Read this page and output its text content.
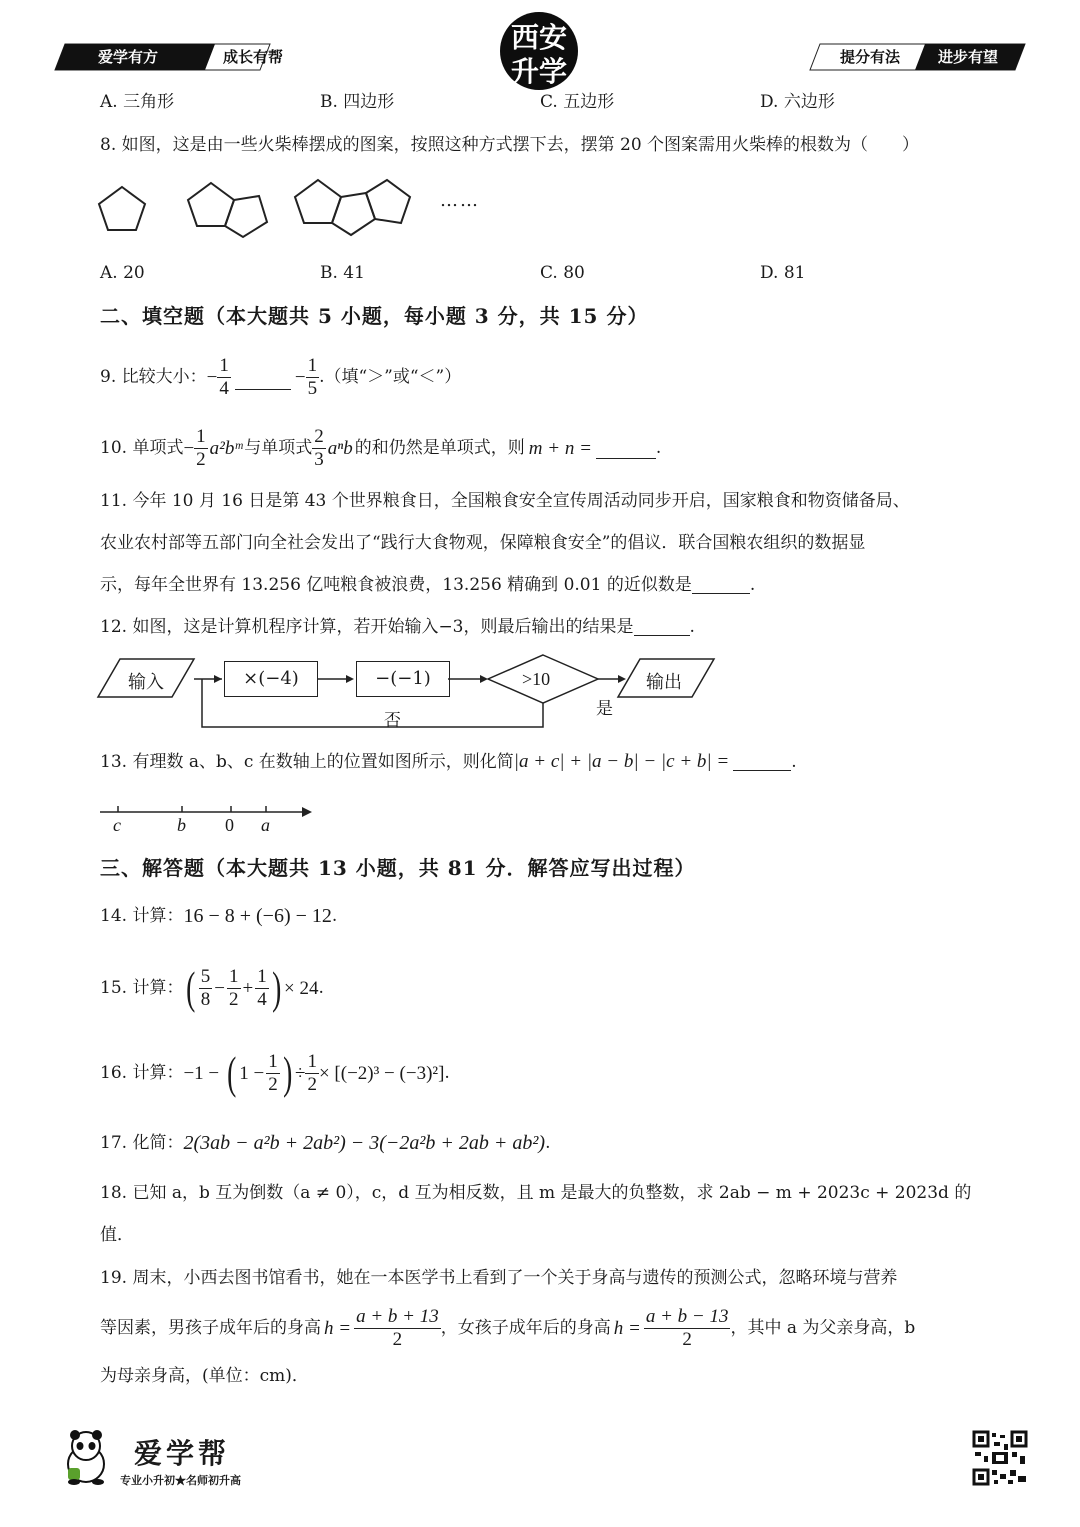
爱学有方	成长有帮
西安
升学	提分有法	进步有望
A. 三角形	B. 四边形	C. 五边形	D. 六边形
8. 如图，这是由一些火柴棒摆成的图案，按照这种方式摆下去，摆第 20 个图案需用火柴棒的根数为（　　）
……
A. 20	B. 41	C. 80	D. 81
二、填空题（本大题共 5 小题，每小题 3 分，共 15 分）
9. 比较大小： − $\frac{1}{4}$	− $\frac{1}{5}$ .（填“＞”或“＜”）
10. 单项式 − $\frac{1}{2}$ a²bᵐ 与单项式 $\frac{2}{3}$ aⁿb 的和仍然是单项式，则 m + n =	.
11. 今年 10 月 16 日是第 43 个世界粮食日，全国粮食安全宣传周活动同步开启，国家粮食和物资储备局、
农业农村部等五部门向全社会发出了“践行大食物观，保障粮食安全”的倡议．联合国粮农组织的数据显
示，每年全世界有 13.256 亿吨粮食被浪费，13.256 精确到 0.01 的近似数是	.
12. 如图，这是计算机程序计算，若开始输入−3，则最后输出的结果是	.
输入	×(−4)	−(−1)	>10	输出
是
否
13. 有理数 a、b、c 在数轴上的位置如图所示，则化简 |a + c| + |a − b| − |c + b| =	.
c	b 0 a
三、解答题（本大题共 13 小题，共 81 分．解答应写出过程）
14. 计算： 16 − 8 + (−6) − 12 .
15. 计算： ( $\frac{5}{8} - \frac{1}{2} + \frac{1}{4}$ ) × 24 .
16. 计算： −1 − ( $1 - \frac{1}{2}$ ) ÷ $\frac{1}{2} \times [(-2)^3 - (-3)^2]$ .
17. 化简： 2(3ab − a²b + 2ab²) − 3(−2a²b + 2ab + ab²) .
18. 已知 a，b 互为倒数（a ≠ 0），c，d 互为相反数，且 m 是最大的负整数，求 2ab − m + 2023c + 2023d 的
值．
19. 周末，小西去图书馆看书，她在一本医学书上看到了一个关于身高与遗传的预测公式，忽略环境与营养
等因素，男孩子成年后的身高 $h = \frac{a + b + 13}{2}$ ，女孩子成年后的身高 $h = \frac{a + b - 13}{2}$ ，其中 a 为父亲身高，b
为母亲身高，(单位：cm)．
爱学帮
专业小升初★名师初升高
